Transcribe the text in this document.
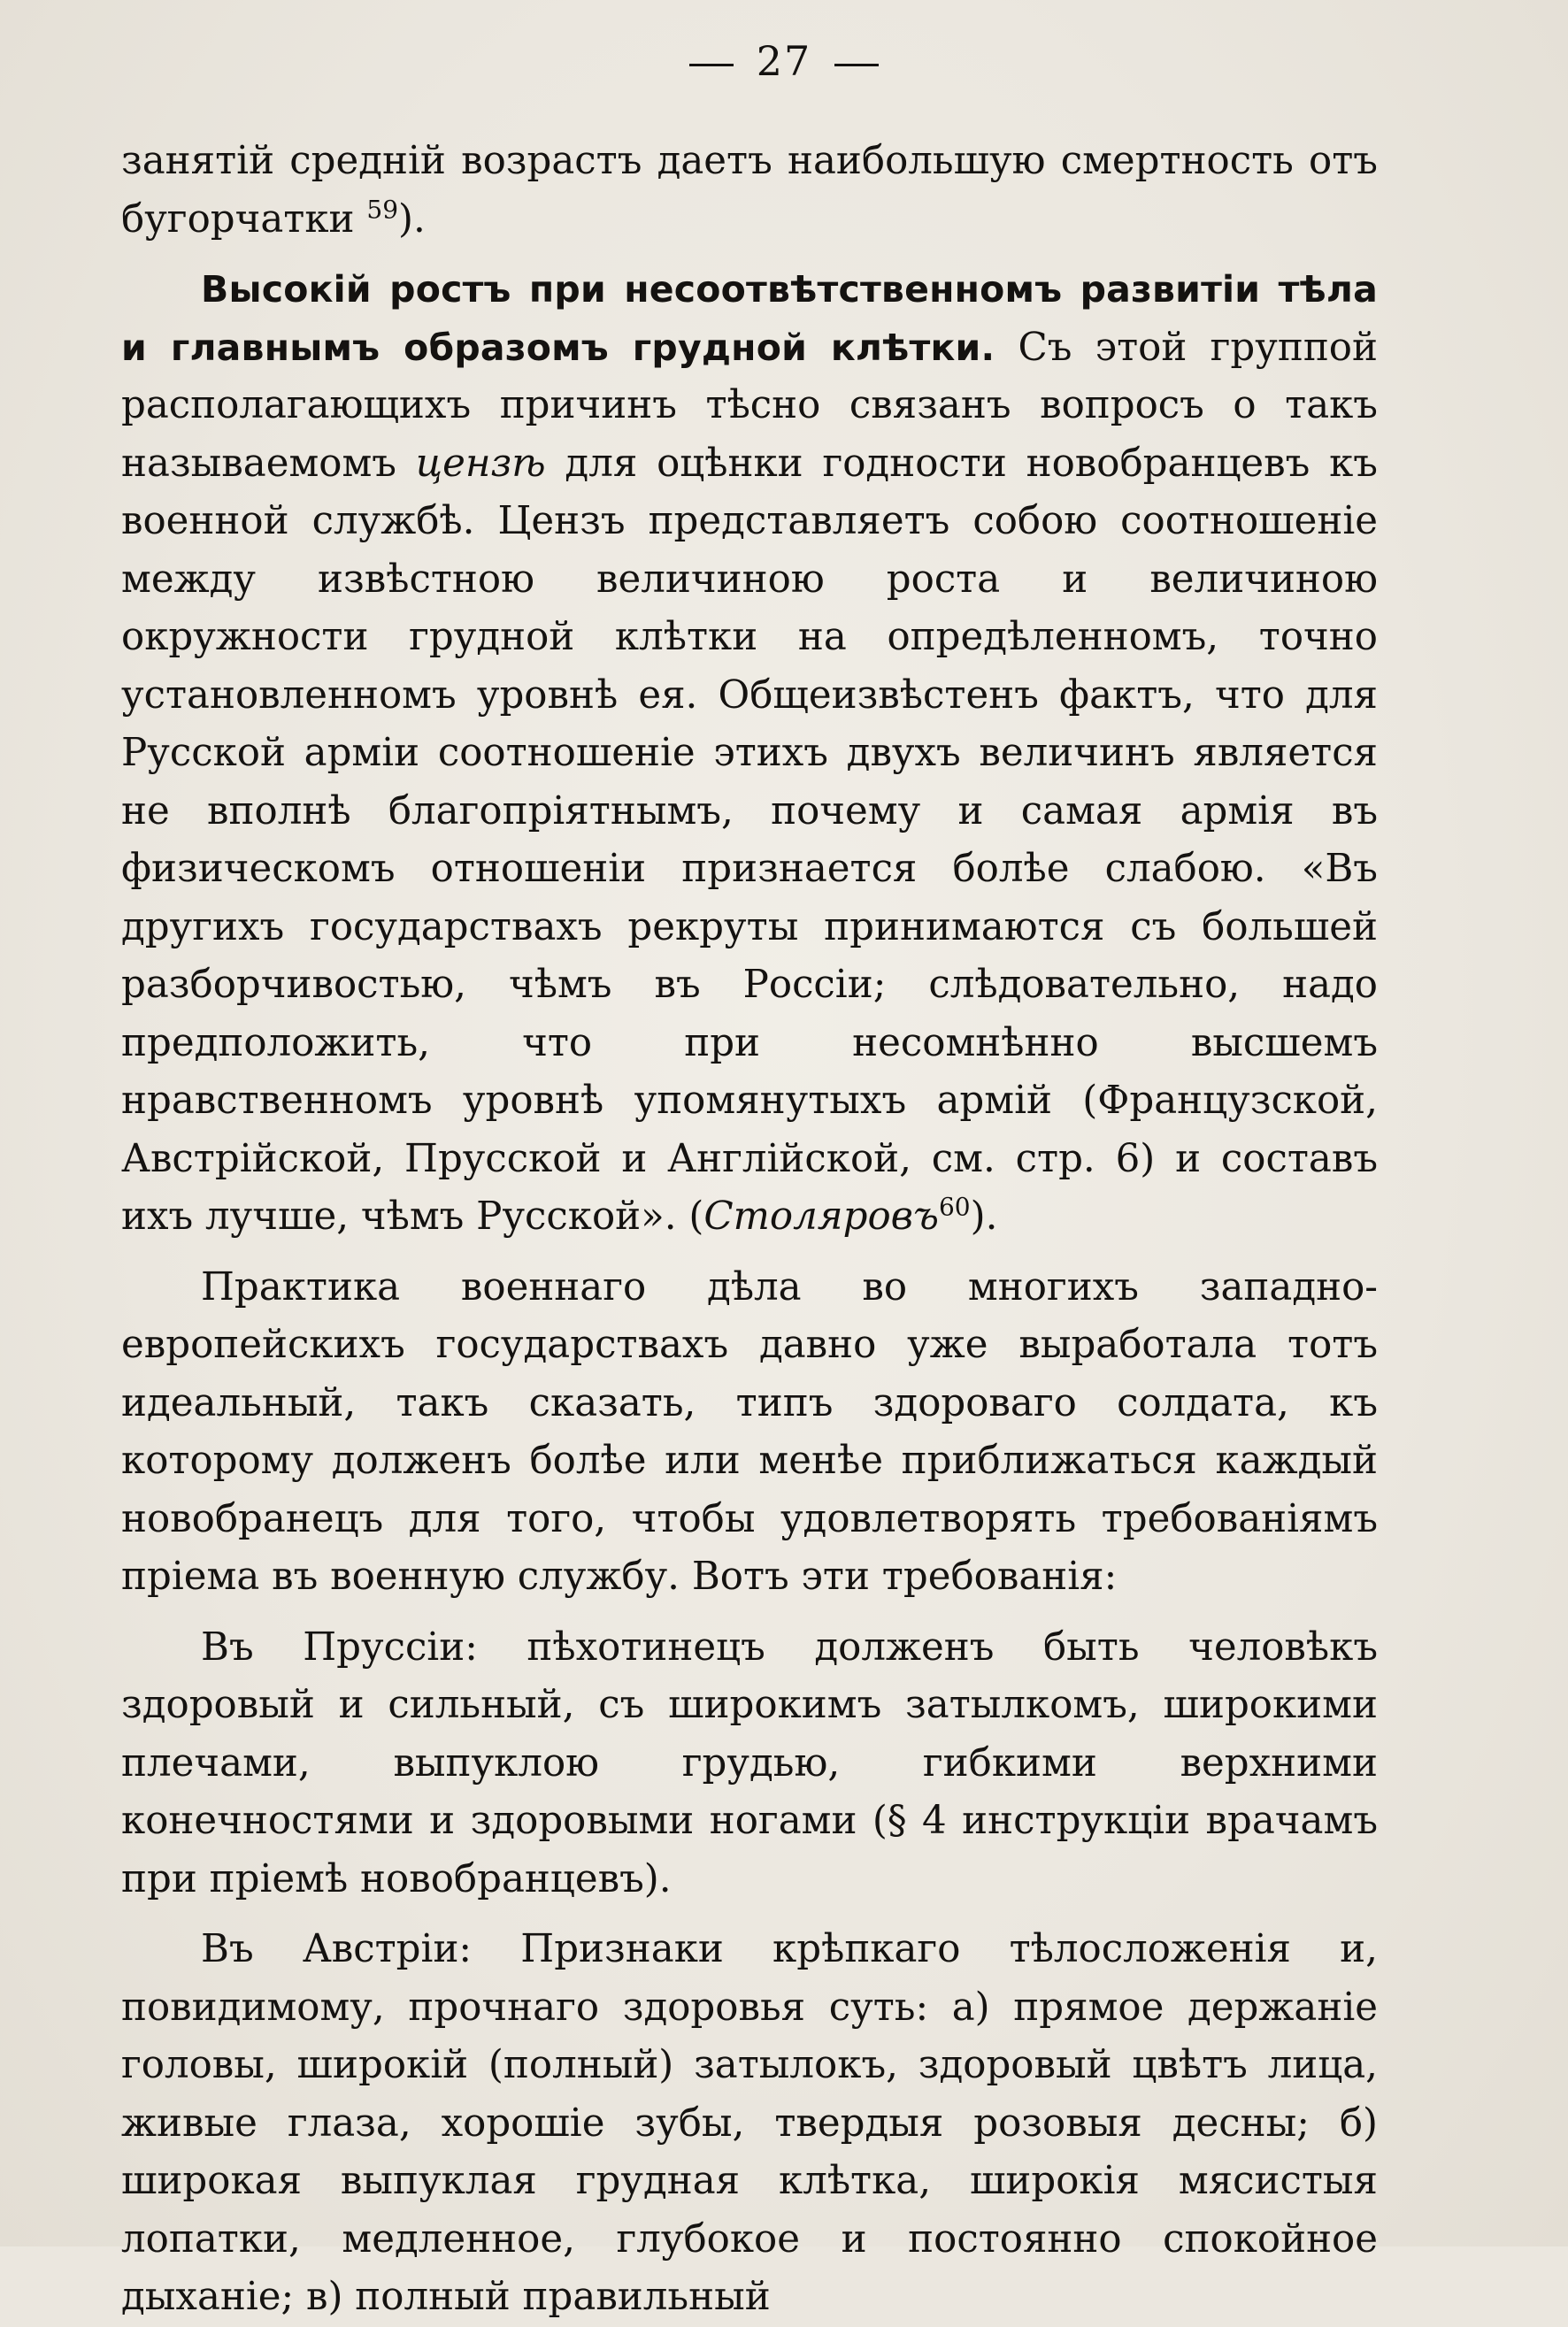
27

занятій средній возрастъ даетъ наибольшую смертность отъ бугорчатки $^{59}$).

Высокій ростъ при несоотвѣтственномъ развитіи тѣла и главнымъ образомъ грудной клѣтки. Съ этой группой располагающихъ причинъ тѣсно связанъ вопросъ о такъ называемомъ цензѣ для оцѣнки годности новобранцевъ къ военной службѣ. Цензъ представляетъ собою соотношеніе между извѣстною величиною роста и величиною окружности грудной клѣтки на опредѣленномъ, точно установленномъ уровнѣ ея. Общеизвѣстенъ фактъ, что для Русской арміи соотношеніе этихъ двухъ величинъ является не вполнѣ благопріятнымъ, почему и самая армія въ физическомъ отношеніи признается болѣе слабою. «Въ другихъ государствахъ рекруты принимаются съ большей разборчивостью, чѣмъ въ Россіи; слѣдовательно, надо предположить, что при несомнѣнно высшемъ нравственномъ уровнѣ упомянутыхъ армій (Французской, Австрійской, Прусской и Англійской, см. стр. 6) и составъ ихъ лучше, чѣмъ Русской». (Столяровъ$^{60}$).

Практика военнаго дѣла во многихъ западно-европейскихъ государствахъ давно уже выработала тотъ идеальный, такъ сказать, типъ здороваго солдата, къ которому долженъ болѣе или менѣе приближаться каждый новобранецъ для того, чтобы удовлетворять требованіямъ пріема въ военную службу. Вотъ эти требованія:

Въ Пруссіи: пѣхотинецъ долженъ быть человѣкъ здоровый и сильный, съ широкимъ затылкомъ, широкими плечами, выпуклою грудью, гибкими верхними конечностями и здоровыми ногами (§ 4 инструкціи врачамъ при пріемѣ новобранцевъ).

Въ Австріи: Признаки крѣпкаго тѣлосложенія и, повидимому, прочнаго здоровья суть: а) прямое держаніе головы, широкій (полный) затылокъ, здоровый цвѣтъ лица, живые глаза, хорошіе зубы, твердыя розовыя десны; б) широкая выпуклая грудная клѣтка, широкія мясистыя лопатки, медленное, глубокое и постоянно спокойное дыханіе; в) полный правильный
